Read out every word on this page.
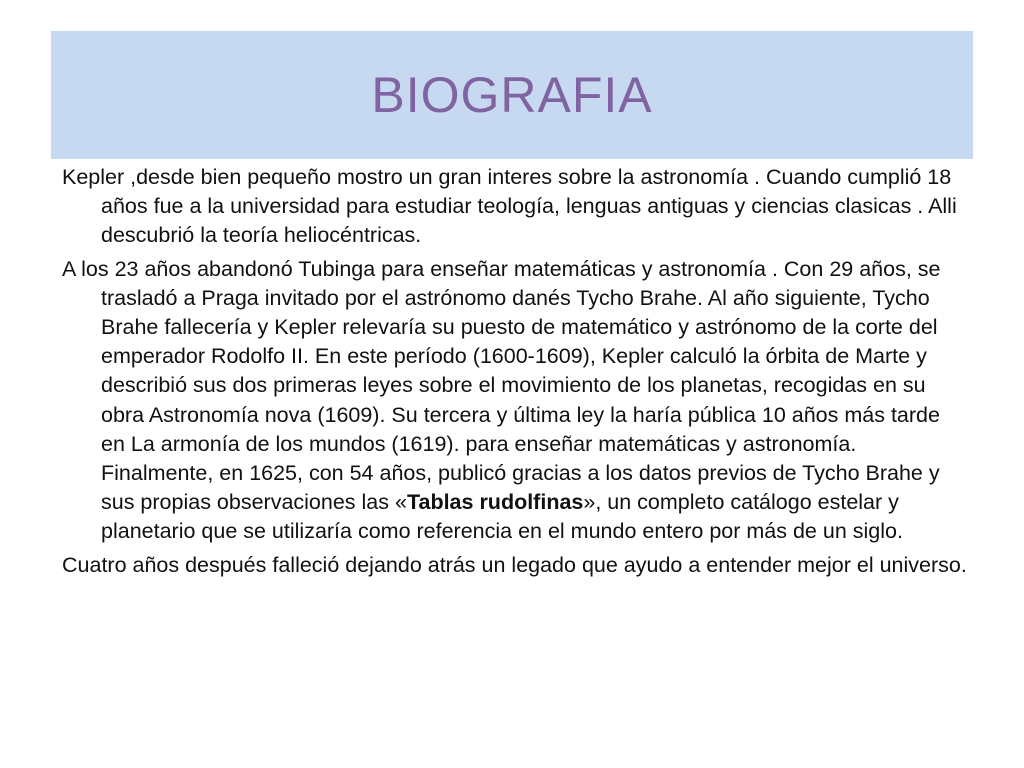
BIOGRAFIA

Kepler ,desde bien pequeño mostro un gran interes sobre la astronomía . Cuando cumplió 18 años fue a la universidad para estudiar teología, lenguas antiguas y ciencias clasicas . Alli descubrió la teoría heliocéntricas.

A los 23 años abandonó Tubinga para enseñar matemáticas y astronomía . Con 29 años, se trasladó a Praga invitado por el astrónomo danés Tycho Brahe. Al año siguiente, Tycho Brahe fallecería y Kepler relevaría su puesto de matemático y astrónomo de la corte del emperador Rodolfo II. En este período (1600-1609), Kepler calculó la órbita de Marte y describió sus dos primeras leyes sobre el movimiento de los planetas, recogidas en su obra Astronomía nova (1609). Su tercera y última ley la haría pública 10 años más tarde en La armonía de los mundos (1619). para enseñar matemáticas y astronomía. Finalmente, en 1625, con 54 años, publicó gracias a los datos previos de Tycho Brahe y sus propias observaciones las «Tablas rudolfinas», un completo catálogo estelar y planetario que se utilizaría como referencia en el mundo entero por más de un siglo.

Cuatro años después falleció dejando atrás un legado que ayudo a entender mejor el universo.
